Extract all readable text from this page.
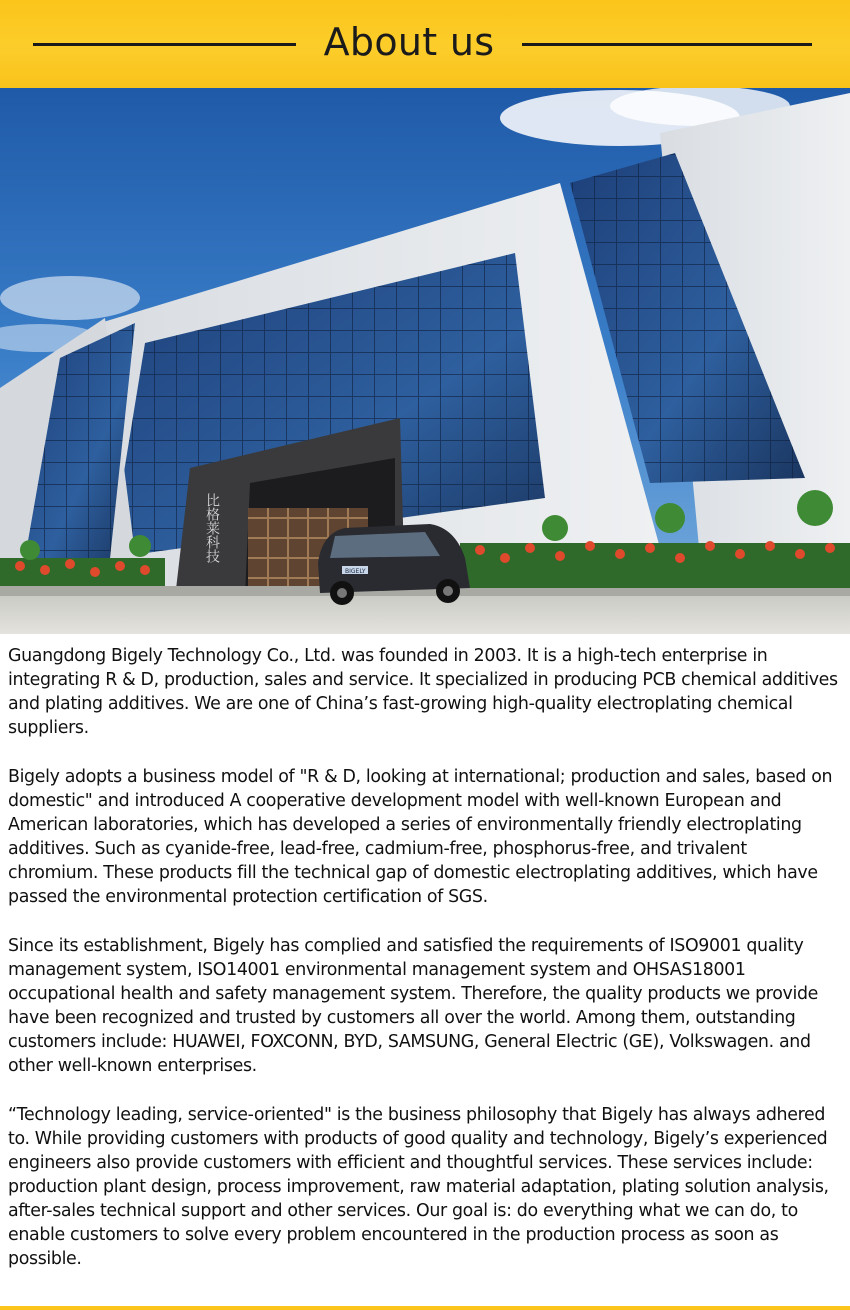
About us
比格莱科技
BIGELY

Guangdong Bigely Technology Co., Ltd. was founded in 2003. It is a high-tech enterprise in integrating R & D, production, sales and service. It specialized in producing PCB chemical additives and plating additives. We are one of China’s fast-growing high-quality electroplating chemical suppliers.

Bigely adopts a business model of "R & D, looking at international; production and sales, based on domestic" and introduced A cooperative development model with well-known European and American laboratories, which has developed a series of environmentally friendly electroplating additives. Such as cyanide-free, lead-free, cadmium-free, phosphorus-free, and trivalent chromium. These products fill the technical gap of domestic electroplating additives, which have passed the environmental protection certification of SGS.

Since its establishment, Bigely has complied and satisfied the requirements of ISO9001 quality management system, ISO14001 environmental management system and OHSAS18001 occupational health and safety management system. Therefore, the quality products we provide have been recognized and trusted by customers all over the world. Among them, outstanding customers include: HUAWEI, FOXCONN, BYD, SAMSUNG, General Electric (GE), Volkswagen. and other well-known enterprises.

“Technology leading, service-oriented" is the business philosophy that Bigely has always adhered to. While providing customers with products of good quality and technology, Bigely’s experienced engineers also provide customers with efficient and thoughtful services. These services include: production plant design, process improvement, raw material adaptation, plating solution analysis, after-sales technical support and other services. Our goal is: do everything what we can do, to enable customers to solve every problem encountered in the production process as soon as possible.
